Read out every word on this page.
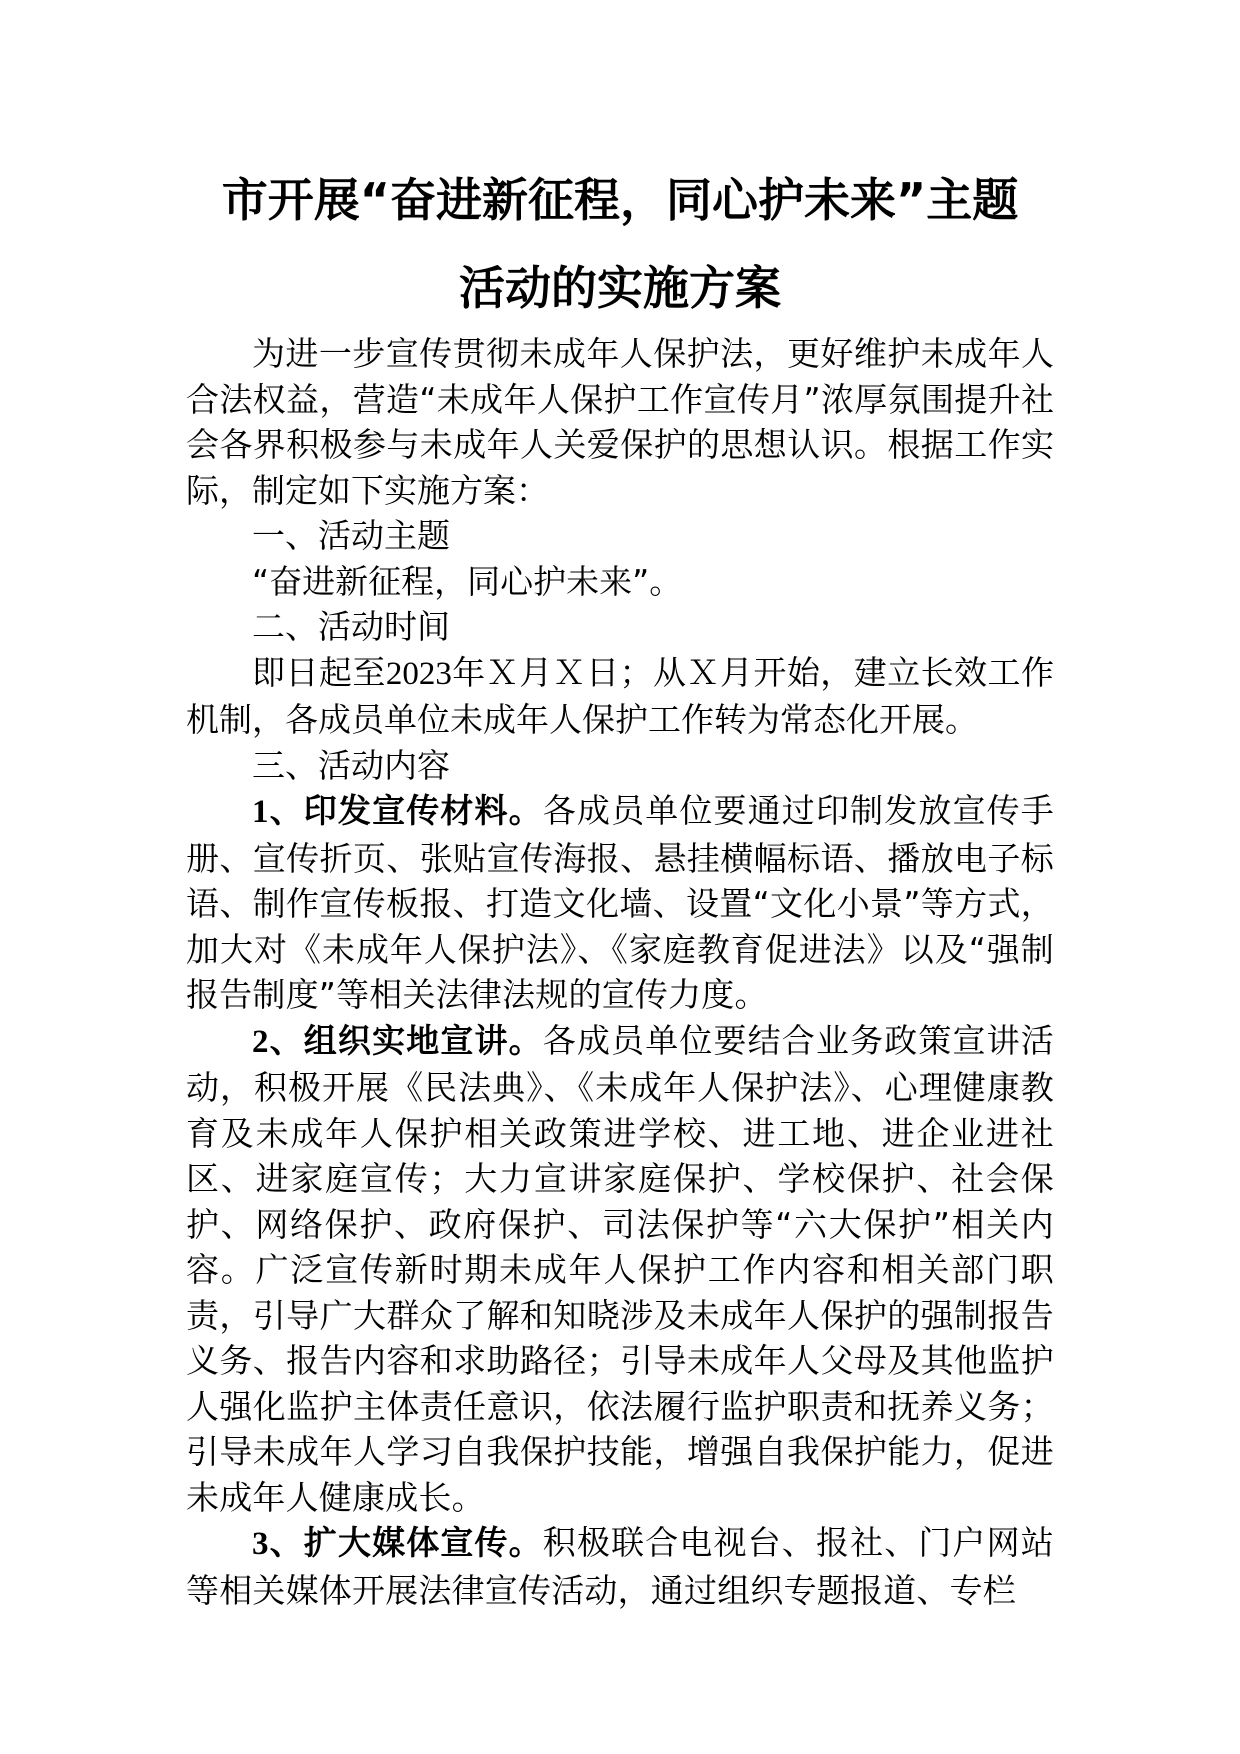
市开展“奋进新征程，同心护未来”主题
活动的实施方案

为进一步宣传贯彻未成年人保护法，更好维护未成年人合法权益，营造“未成年人保护工作宣传月”浓厚氛围提升社会各界积极参与未成年人关爱保护的思想认识。根据工作实际，制定如下实施方案：

一、活动主题

“奋进新征程，同心护未来”。

二、活动时间

即日起至2023年Ｘ月Ｘ日；从Ｘ月开始，建立长效工作机制，各成员单位未成年人保护工作转为常态化开展。

三、活动内容

1、印发宣传材料。各成员单位要通过印制发放宣传手册、宣传折页、张贴宣传海报、悬挂横幅标语、播放电子标语、制作宣传板报、打造文化墙、设置“文化小景”等方式，加大对《未成年人保护法》、《家庭教育促进法》以及“强制报告制度”等相关法律法规的宣传力度。

2、组织实地宣讲。各成员单位要结合业务政策宣讲活动，积极开展《民法典》、《未成年人保护法》、心理健康教育及未成年人保护相关政策进学校、进工地、进企业进社区、进家庭宣传；大力宣讲家庭保护、学校保护、社会保护、网络保护、政府保护、司法保护等“六大保护”相关内容。广泛宣传新时期未成年人保护工作内容和相关部门职责，引导广大群众了解和知晓涉及未成年人保护的强制报告义务、报告内容和求助路径；引导未成年人父母及其他监护人强化监护主体责任意识，依法履行监护职责和抚养义务；引导未成年人学习自我保护技能，增强自我保护能力，促进未成年人健康成长。

3、扩大媒体宣传。积极联合电视台、报社、门户网站等相关媒体开展法律宣传活动，通过组织专题报道、专栏
